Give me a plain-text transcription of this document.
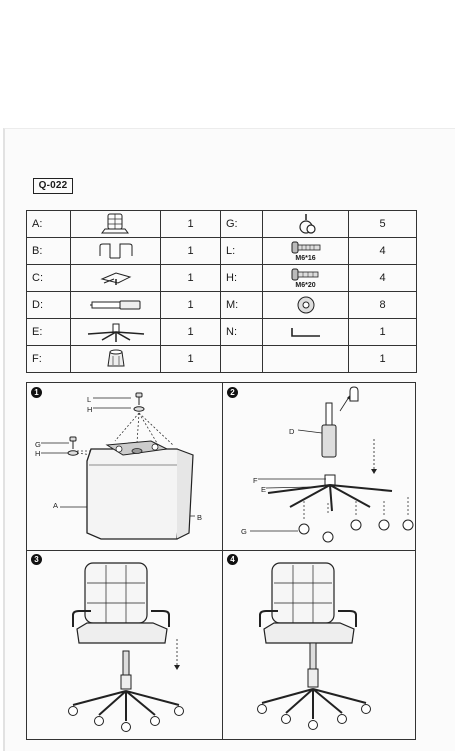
Q-022
A:		1	G:		5
B:		1	L:	M6*16	4
C:		1	H:	M6*20	4
D:		1	M:		8
E:		1	N:		1
F:		1			1
1
L
H
G
H
A
B
2
D
F
E
G
3	4
